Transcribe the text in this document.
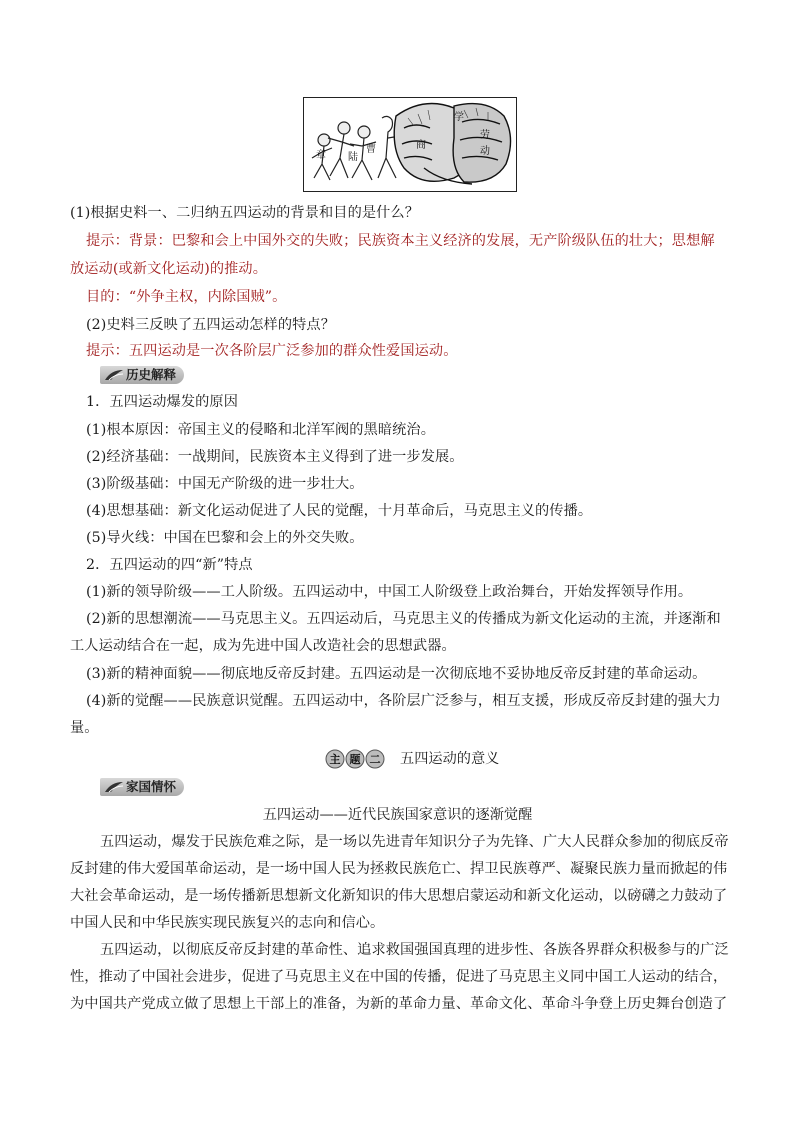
章 陆
曹	商
学
劳
动
(1)根据史料一、二归纳五四运动的背景和目的是什么？
提示：背景：巴黎和会上中国外交的失败；民族资本主义经济的发展，无产阶级队伍的壮大；思想解
放运动(或新文化运动)的推动。
目的：“外争主权，内除国贼”。
(2)史料三反映了五四运动怎样的特点？
提示：五四运动是一次各阶层广泛参加的群众性爱国运动。
历史解释
1．五四运动爆发的原因
(1)根本原因：帝国主义的侵略和北洋军阀的黑暗统治。
(2)经济基础：一战期间，民族资本主义得到了进一步发展。
(3)阶级基础：中国无产阶级的进一步壮大。
(4)思想基础：新文化运动促进了人民的觉醒，十月革命后，马克思主义的传播。
(5)导火线：中国在巴黎和会上的外交失败。
2．五四运动的四“新”特点
(1)新的领导阶级——工人阶级。五四运动中，中国工人阶级登上政治舞台，开始发挥领导作用。
(2)新的思想潮流——马克思主义。五四运动后，马克思主义的传播成为新文化运动的主流，并逐渐和
工人运动结合在一起，成为先进中国人改造社会的思想武器。
(3)新的精神面貌——彻底地反帝反封建。五四运动是一次彻底地不妥协地反帝反封建的革命运动。
(4)新的觉醒——民族意识觉醒。五四运动中，各阶层广泛参与，相互支援，形成反帝反封建的强大力
量。
主 题 二 五四运动的意义
家国情怀
五四运动——近代民族国家意识的逐渐觉醒
五四运动，爆发于民族危难之际，是一场以先进青年知识分子为先锋、广大人民群众参加的彻底反帝
反封建的伟大爱国革命运动，是一场中国人民为拯救民族危亡、捍卫民族尊严、凝聚民族力量而掀起的伟
大社会革命运动，是一场传播新思想新文化新知识的伟大思想启蒙运动和新文化运动，以磅礴之力鼓动了
中国人民和中华民族实现民族复兴的志向和信心。
五四运动，以彻底反帝反封建的革命性、追求救国强国真理的进步性、各族各界群众积极参与的广泛
性，推动了中国社会进步，促进了马克思主义在中国的传播，促进了马克思主义同中国工人运动的结合，
为中国共产党成立做了思想上干部上的准备，为新的革命力量、革命文化、革命斗争登上历史舞台创造了
